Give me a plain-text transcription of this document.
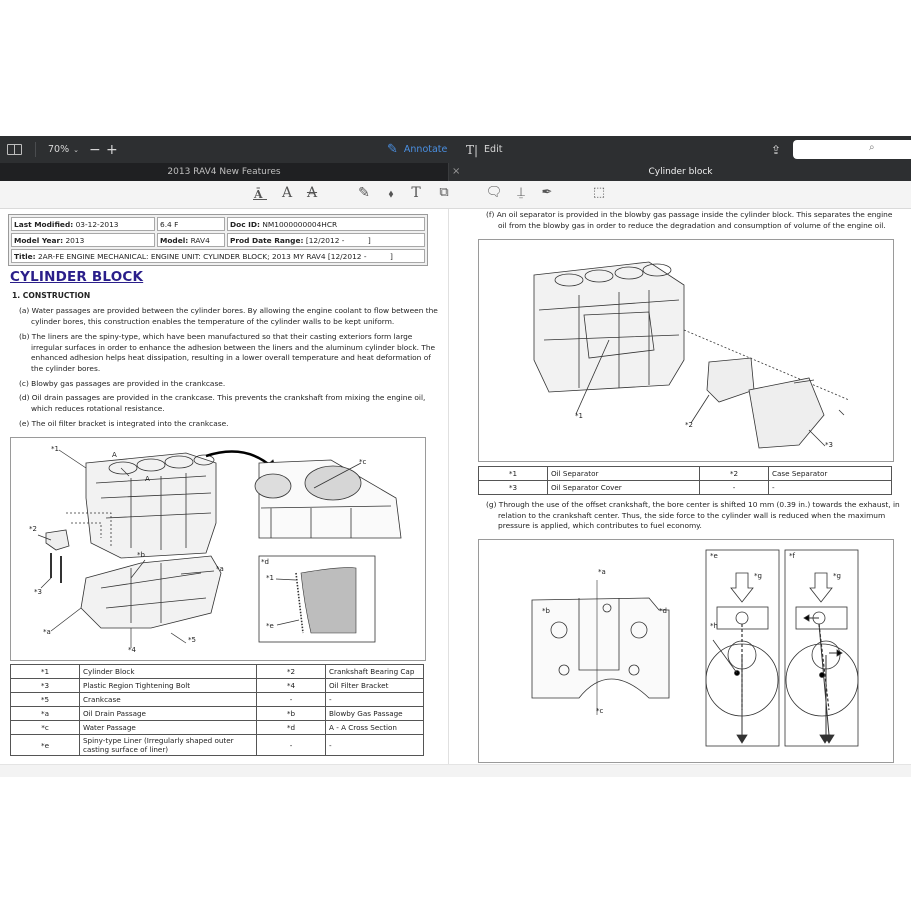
70% ⌄ − +	✎ Annotate T| Edit	⇪	⌕
2013 RAV4 New Features	Cylinder block
×
Ā A A	✎	⬧	T	⧉	🗨	⍊	✒	⬚
Last Modified: 03-12-2013	6.4 F	Doc ID: NM1000000004HCR
Model Year: 2013	Model: RAV4	Prod Date Range: [12/2012 -          ]
Title: 2AR-FE ENGINE MECHANICAL: ENGINE UNIT: CYLINDER BLOCK; 2013 MY RAV4 [12/2012 -          ]		
CYLINDER BLOCK
1. CONSTRUCTION
(a) Water passages are provided between the cylinder bores. By allowing the engine coolant to flow between the cylinder bores, this construction enables the temperature of the cylinder walls to be kept uniform.
(b) The liners are the spiny-type, which have been manufactured so that their casting exteriors form large irregular surfaces in order to enhance the adhesion between the liners and the aluminum cylinder block. The enhanced adhesion helps heat dissipation, resulting in a lower overall temperature and heat deformation of the cylinder bores.
(c) Blowby gas passages are provided in the crankcase.
(d) Oil drain passages are provided in the crankcase. This prevents the crankshaft from mixing the engine oil, which reduces rotational resistance.
(e) The oil filter bracket is integrated into the crankcase.
*1
A
A
*c
*2
*b
*a
*3
*a
*4
*5
*d
*1
*e
*1	Cylinder Block	*2	Crankshaft Bearing Cap
*3	Plastic Region Tightening Bolt	*4	Oil Filter Bracket
*5	Crankcase	-	-
*a	Oil Drain Passage	*b	Blowby Gas Passage
*c	Water Passage	*d	A - A Cross Section
*e	Spiny-type Liner (Irregularly shaped outer casting surface of liner)	-	-
(f) An oil separator is provided in the blowby gas passage inside the cylinder block. This separates the engine oil from the blowby gas in order to reduce the degradation and consumption of volume of the engine oil.
*1
*2
*3
*1	Oil Separator	*2	Case Separator
*3	Oil Separator Cover	-	-
(g) Through the use of the offset crankshaft, the bore center is shifted 10 mm (0.39 in.) towards the exhaust, in relation to the crankshaft center. Thus, the side force to the cylinder wall is reduced when the maximum pressure is applied, which contributes to fuel economy.
*a
*b	*d
*c
*e
*g
*h
*f
*g
